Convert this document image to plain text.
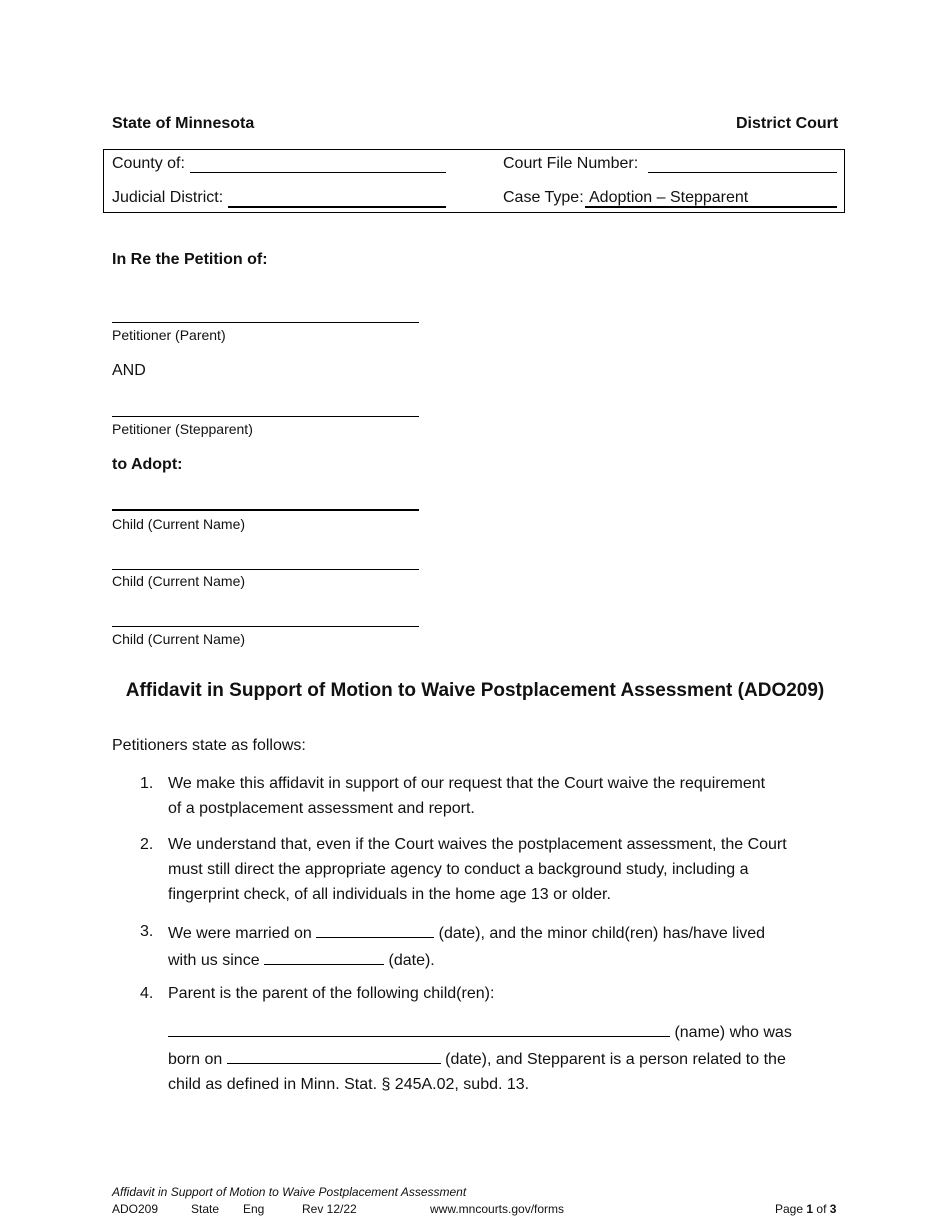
State of Minnesota	District Court
County of:
Judicial District:
Court File Number:
Case Type: Adoption – Stepparent
In Re the Petition of:
Petitioner (Parent)
AND
Petitioner (Stepparent)
to Adopt:
Child (Current Name)
Child (Current Name)
Child (Current Name)
Affidavit in Support of Motion to Waive Postplacement Assessment (ADO209)
Petitioners state as follows:
1. We make this affidavit in support of our request that the Court waive the requirement
of a postplacement assessment and report.
2. We understand that, even if the Court waives the postplacement assessment, the Court
must still direct the appropriate agency to conduct a background study, including a
fingerprint check, of all individuals in the home age 13 or older.
3. We were married on	(date), and the minor child(ren) has/have lived
with us since	(date).
4. Parent is the parent of the following child(ren):
(name) who was
born on	(date), and Stepparent is a person related to the
child as defined in Minn. Stat. § 245A.02, subd. 13.
Affidavit in Support of Motion to Waive Postplacement Assessment
ADO209	State Eng	Rev 12/22	www.mncourts.gov/forms	Page 1 of 3
